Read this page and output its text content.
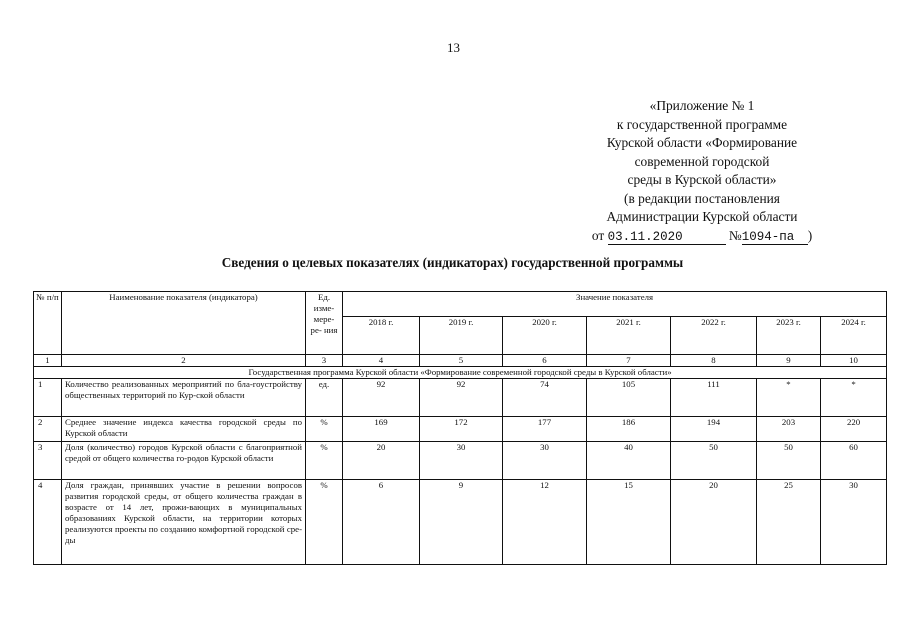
13
«Приложение № 1
к государственной программе
Курской области «Формирование
современной городской
среды в Курской области»
(в редакции постановления
Администрации Курской области
от 03.11.2020	№1094-па )
Сведения о целевых показателях (индикаторах) государственной программы
№ п/п	Наименование показателя (индикатора)	Ед. изме- мере- ре- ния	Значение показателя						
			2018 г.	2019 г.	2020 г.	2021 г.	2022 г.	2023 г.	2024 г.
1	2	3	4	5	6	7	8	9	10
Государственная программа Курской области «Формирование современной городской среды в Курской области»									
1	Количество реализованных мероприятий по бла-гоустройству общественных территорий по Кур-ской области	ед.	92	92	74	105	111	*	*
2	Среднее значение индекса качества городской среды по Курской области	%	169	172	177	186	194	203	220
3	Доля (количество) городов Курской области с благоприятной средой от общего количества го-родов Курской области	%	20	30	30	40	50	50	60
4	Доля граждан, принявших участие в решении вопросов развития городской среды, от общего количества граждан в возрасте от 14 лет, прожи-вающих в муниципальных образованиях Курской области, на территории которых реализуются проекты по созданию комфортной городской сре-ды	%	6	9	12	15	20	25	30
